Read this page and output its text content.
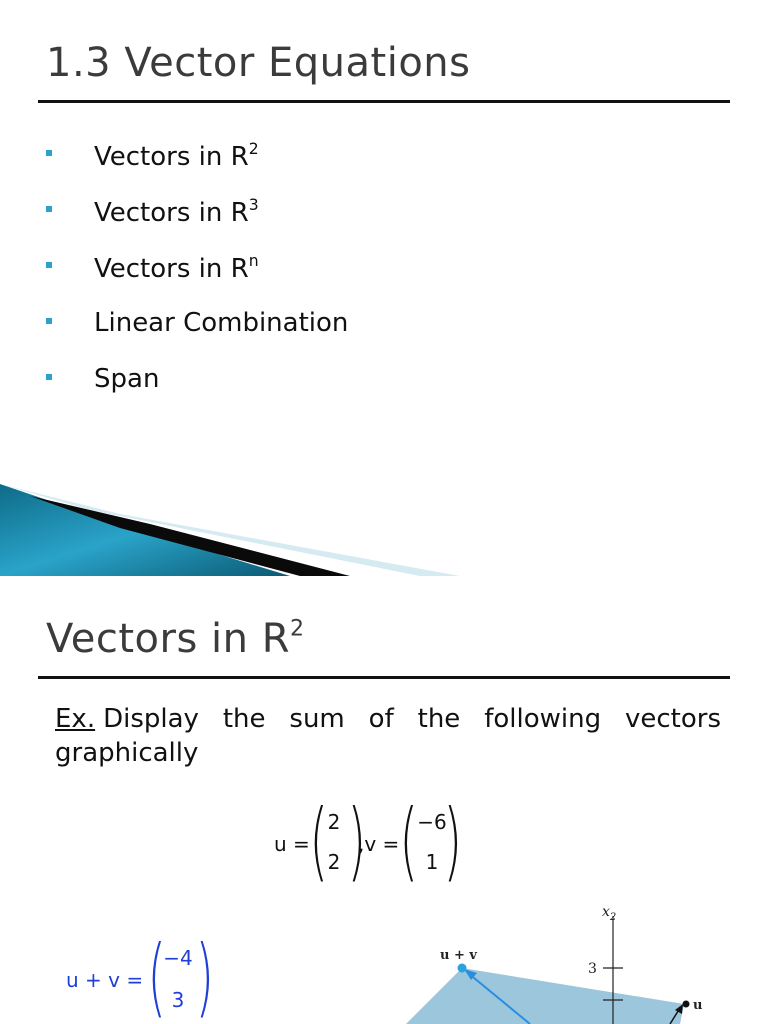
1.3 Vector Equations
Vectors in $R^2$
Vectors in $R^3$
Vectors in $R^n$
Linear Combination
Span
Vectors in $R^2$

Ex. Display the sum of the following vectors graphically

u = ( 2
2 )
,v = ( −6
1 )
u + v = (
−4
3 )
$x_2$
3
u + v
u
